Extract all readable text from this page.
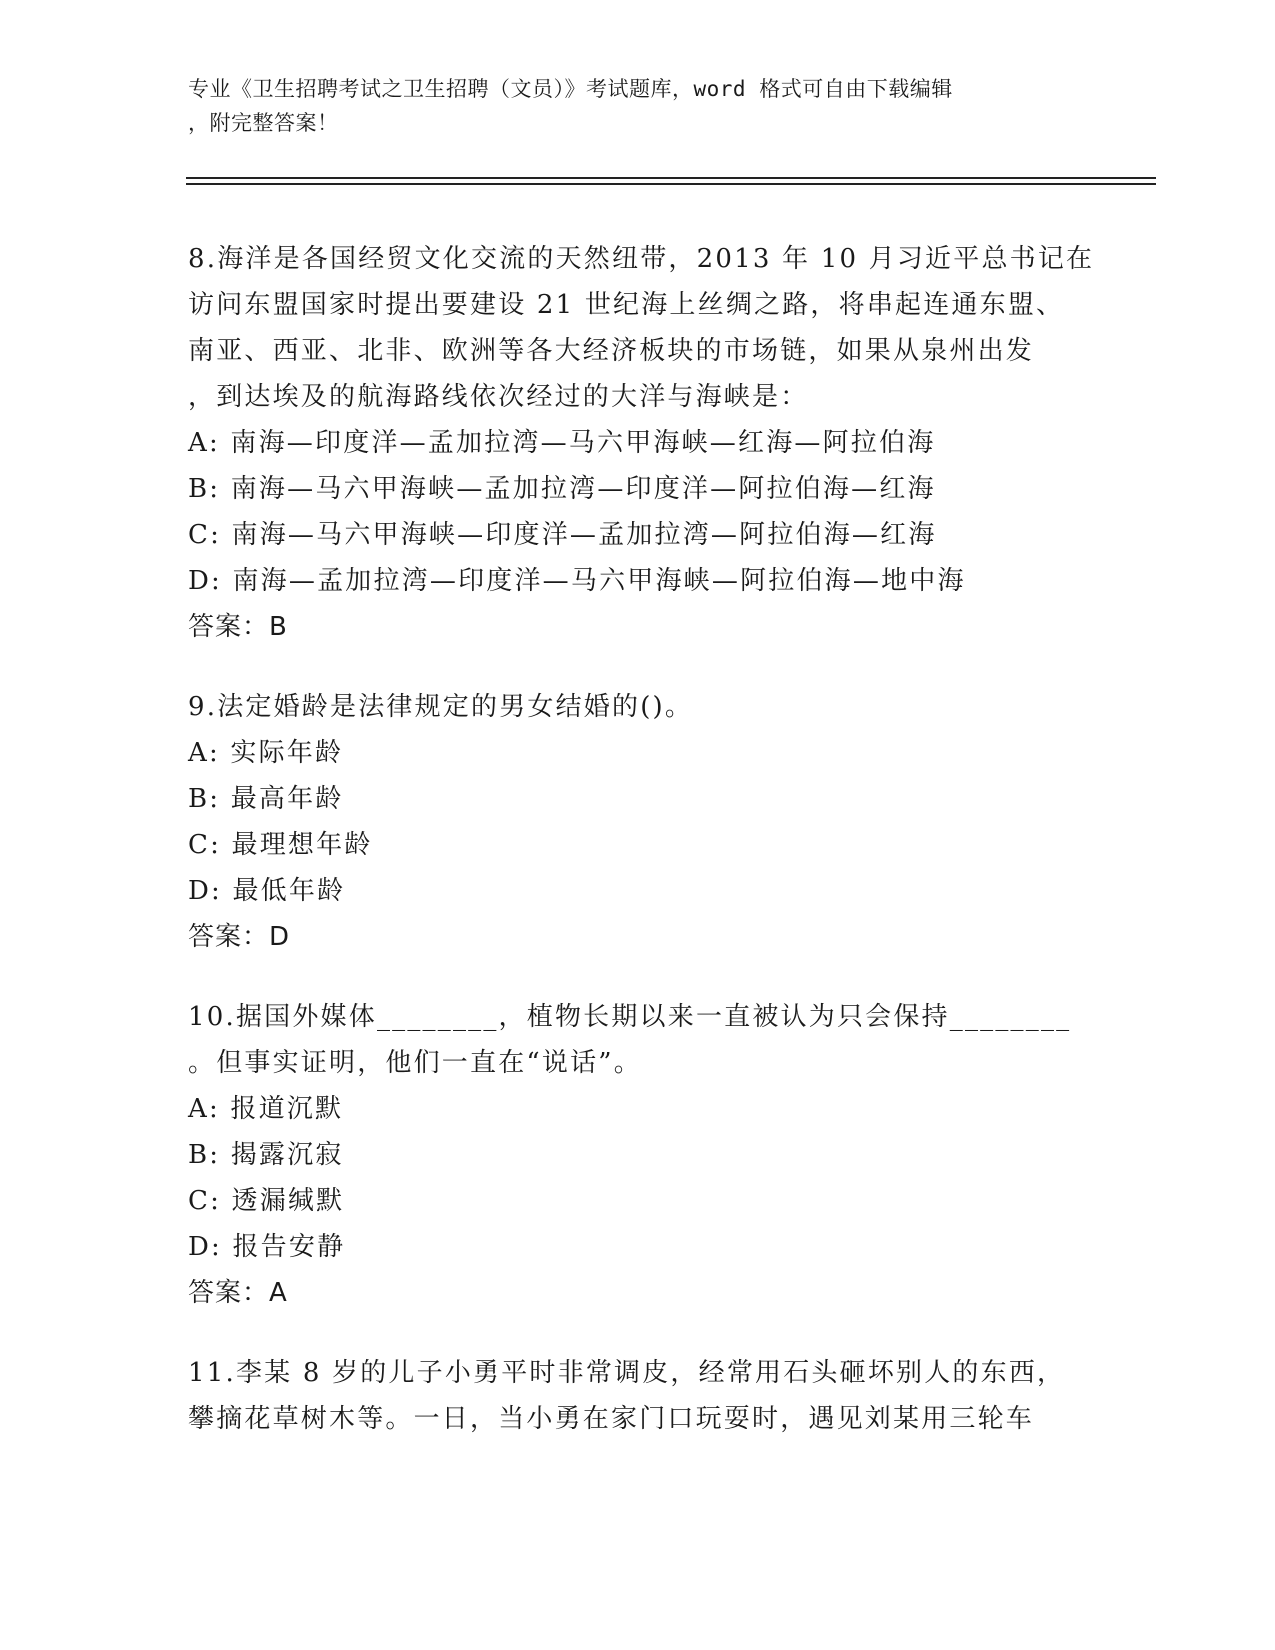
专业《卫生招聘考试之卫生招聘（文员）》考试题库，word 格式可自由下载编辑
，附完整答案！
8.海洋是各国经贸文化交流的天然纽带，2013 年 10 月习近平总书记在
访问东盟国家时提出要建设 21 世纪海上丝绸之路，将串起连通东盟、
南亚、西亚、北非、欧洲等各大经济板块的市场链，如果从泉州出发
，到达埃及的航海路线依次经过的大洋与海峡是：
A: 南海—印度洋—孟加拉湾—马六甲海峡—红海—阿拉伯海
B: 南海—马六甲海峡—孟加拉湾—印度洋—阿拉伯海—红海
C: 南海—马六甲海峡—印度洋—孟加拉湾—阿拉伯海—红海
D: 南海—孟加拉湾—印度洋—马六甲海峡—阿拉伯海—地中海
答案：B
9.法定婚龄是法律规定的男女结婚的()。
A: 实际年龄
B: 最高年龄
C: 最理想年龄
D: 最低年龄
答案：D
10.据国外媒体________，植物长期以来一直被认为只会保持________
。但事实证明，他们一直在“说话”。
A: 报道沉默
B: 揭露沉寂
C: 透漏缄默
D: 报告安静
答案：A
11.李某 8 岁的儿子小勇平时非常调皮，经常用石头砸坏别人的东西，
攀摘花草树木等。一日，当小勇在家门口玩耍时，遇见刘某用三轮车
